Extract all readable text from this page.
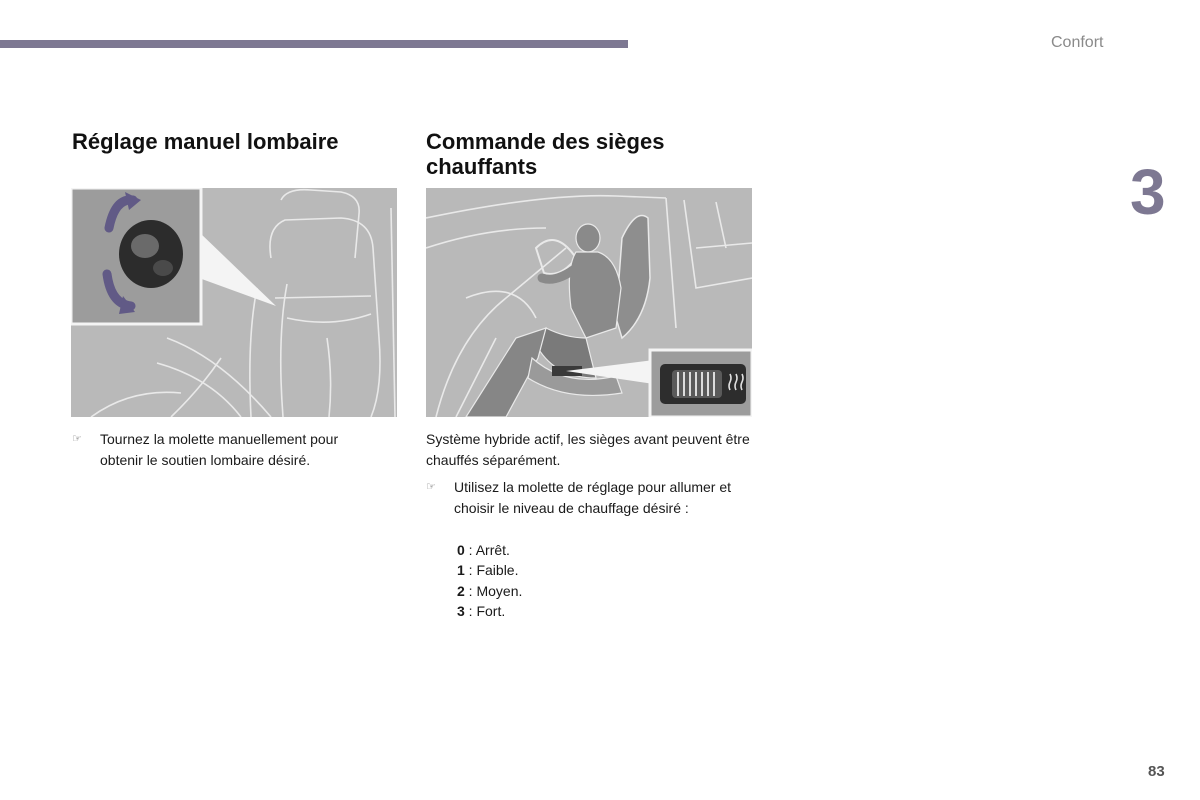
Confort
3
Réglage manuel lombaire	Commande des sièges
chauffants
☞ Tournez la molette manuellement pour obtenir le soutien lombaire désiré.

Système hybride actif, les sièges avant peuvent être chauffés séparément.

☞ Utilisez la molette de réglage pour allumer et choisir le niveau de chauffage désiré :

0 : Arrêt.
1 : Faible.
2 : Moyen.
3 : Fort.
83
